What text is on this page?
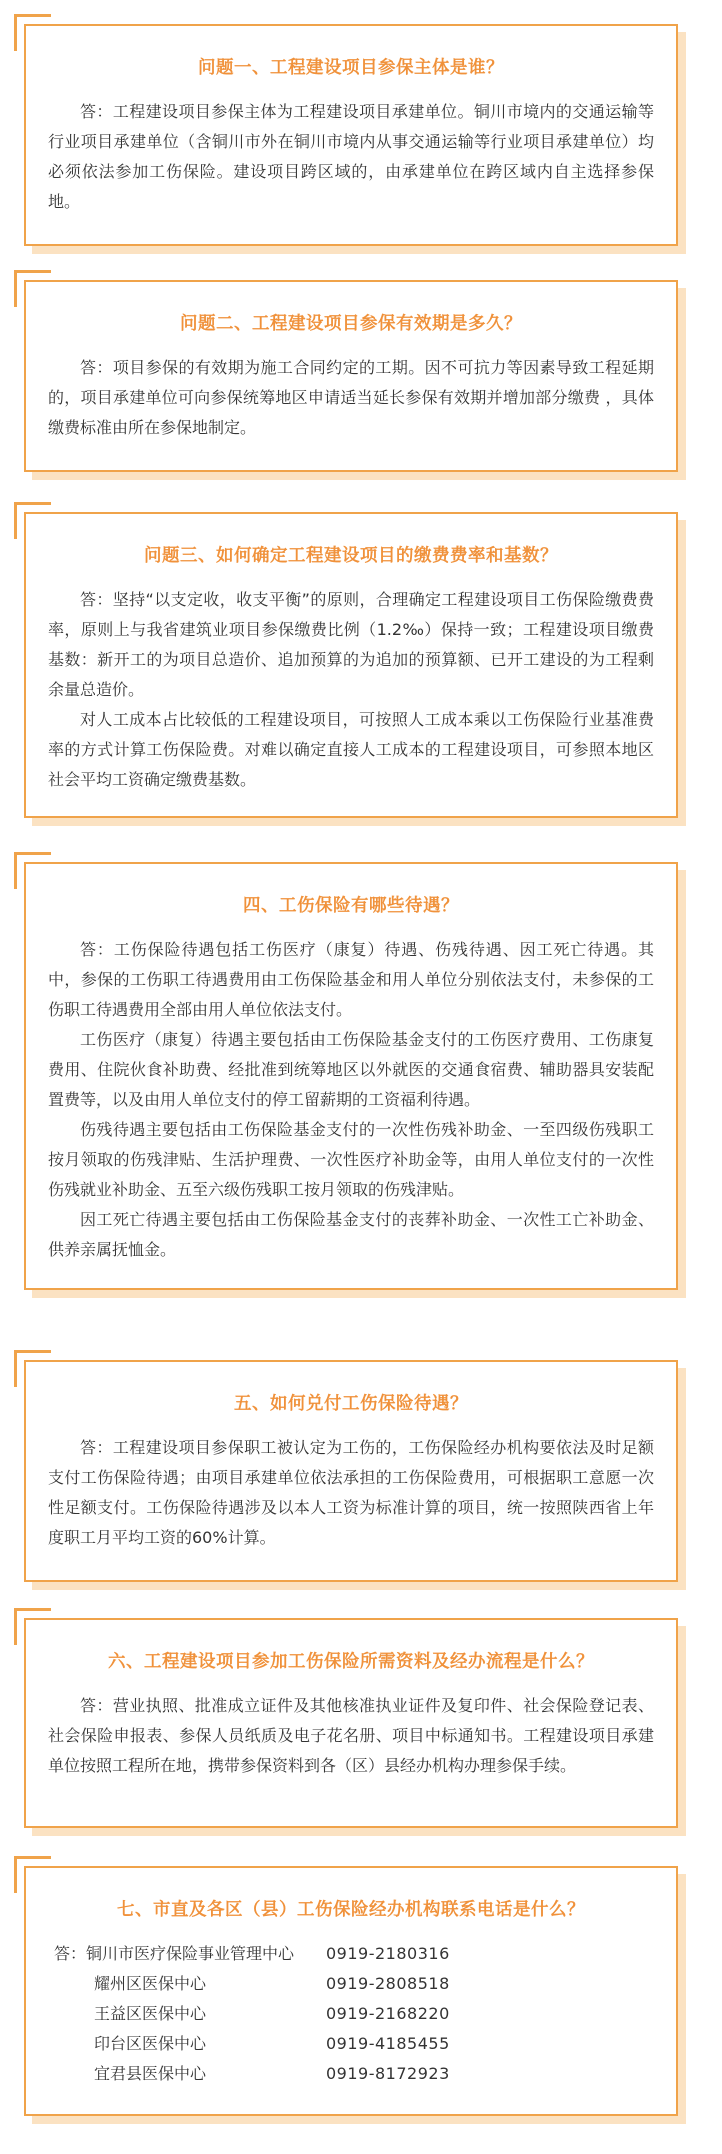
问题一、工程建设项目参保主体是谁？

答：工程建设项目参保主体为工程建设项目承建单位。铜川市境内的交通运输等行业项目承建单位（含铜川市外在铜川市境内从事交通运输等行业项目承建单位）均必须依法参加工伤保险。建设项目跨区域的，由承建单位在跨区域内自主选择参保地。

问题二、工程建设项目参保有效期是多久？

答：项目参保的有效期为施工合同约定的工期。因不可抗力等因素导致工程延期的，项目承建单位可向参保统筹地区申请适当延长参保有效期并增加部分缴费 ，具体缴费标准由所在参保地制定。

问题三、如何确定工程建设项目的缴费费率和基数？

答：坚持“以支定收，收支平衡”的原则，合理确定工程建设项目工伤保险缴费费率，原则上与我省建筑业项目参保缴费比例（1.2‰）保持一致；工程建设项目缴费基数：新开工的为项目总造价、追加预算的为追加的预算额、已开工建设的为工程剩余量总造价。

对人工成本占比较低的工程建设项目，可按照人工成本乘以工伤保险行业基准费率的方式计算工伤保险费。对难以确定直接人工成本的工程建设项目，可参照本地区社会平均工资确定缴费基数。

四、工伤保险有哪些待遇？

答：工伤保险待遇包括工伤医疗（康复）待遇、伤残待遇、因工死亡待遇。其中，参保的工伤职工待遇费用由工伤保险基金和用人单位分别依法支付，未参保的工伤职工待遇费用全部由用人单位依法支付。

工伤医疗（康复）待遇主要包括由工伤保险基金支付的工伤医疗费用、工伤康复费用、住院伙食补助费、经批准到统筹地区以外就医的交通食宿费、辅助器具安装配置费等，以及由用人单位支付的停工留薪期的工资福利待遇。

伤残待遇主要包括由工伤保险基金支付的一次性伤残补助金、一至四级伤残职工按月领取的伤残津贴、生活护理费、一次性医疗补助金等，由用人单位支付的一次性伤残就业补助金、五至六级伤残职工按月领取的伤残津贴。

因工死亡待遇主要包括由工伤保险基金支付的丧葬补助金、一次性工亡补助金、供养亲属抚恤金。

五、如何兑付工伤保险待遇？

答：工程建设项目参保职工被认定为工伤的，工伤保险经办机构要依法及时足额支付工伤保险待遇；由项目承建单位依法承担的工伤保险费用，可根据职工意愿一次性足额支付。工伤保险待遇涉及以本人工资为标准计算的项目，统一按照陕西省上年度职工月平均工资的60%计算。

六、工程建设项目参加工伤保险所需资料及经办流程是什么？

答：营业执照、批准成立证件及其他核准执业证件及复印件、社会保险登记表、社会保险申报表、参保人员纸质及电子花名册、项目中标通知书。工程建设项目承建单位按照工程所在地，携带参保资料到各（区）县经办机构办理参保手续。

七、市直及各区（县）工伤保险经办机构联系电话是什么？
答：铜川市医疗保险事业管理中心	0919-2180316
耀州区医保中心	0919-2808518
王益区医保中心	0919-2168220
印台区医保中心	0919-4185455
宜君县医保中心	0919-8172923
